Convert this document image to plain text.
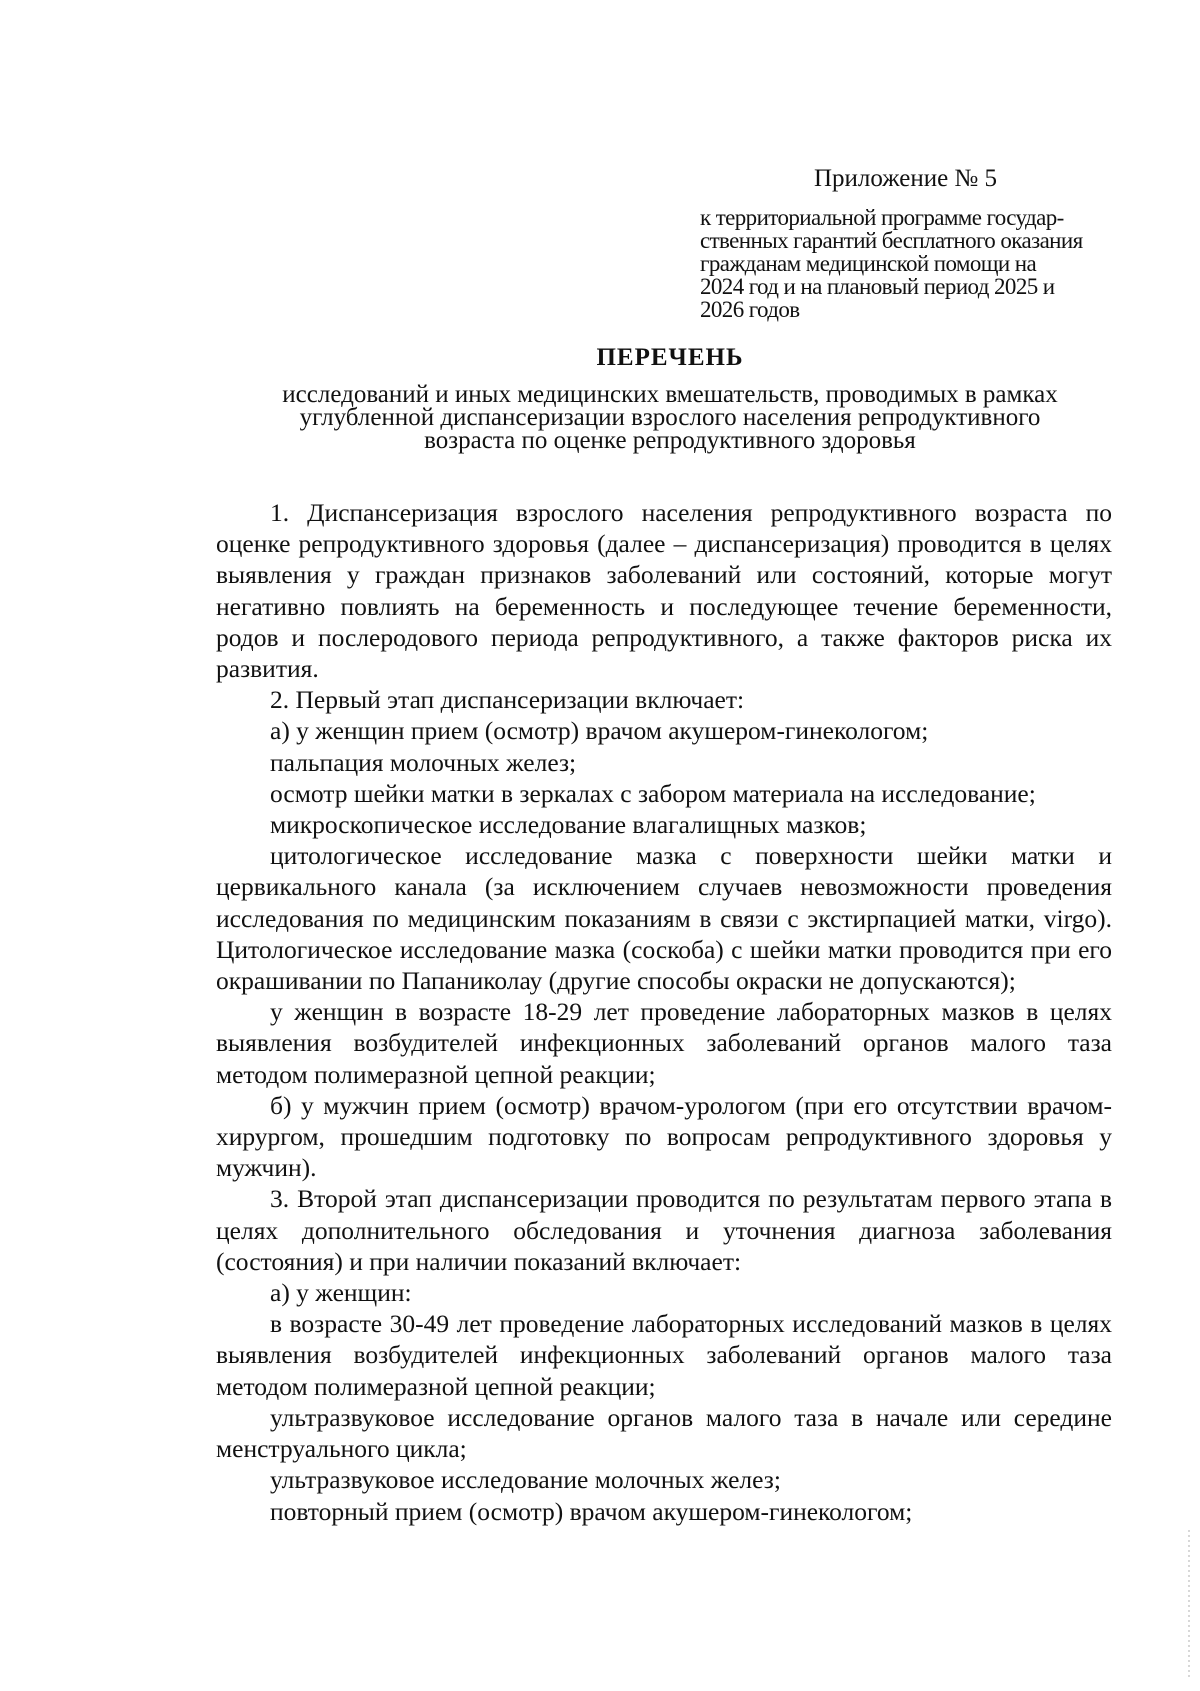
Приложение № 5
к территориальной программе государ-
ственных гарантий бесплатного оказания
гражданам медицинской помощи на
2024 год и на плановый период 2025 и
2026 годов
ПЕРЕЧЕНЬ
исследований и иных медицинских вмешательств, проводимых в рамках
углубленной диспансеризации взрослого населения репродуктивного
возраста по оценке репродуктивного здоровья

1. Диспансеризация взрослого населения репродуктивного возраста по оценке репродуктивного здоровья (далее – диспансеризация) проводится в целях выявления у граждан признаков заболеваний или состояний, которые могут негативно повлиять на беременность и последующее течение беременности, родов и послеродового периода репродуктивного, а также факторов риска их развития.

2. Первый этап диспансеризации включает:

а) у женщин прием (осмотр) врачом акушером-гинекологом;

пальпация молочных желез;

осмотр шейки матки в зеркалах с забором материала на исследование;

микроскопическое исследование влагалищных мазков;

цитологическое исследование мазка с поверхности шейки матки и цервикального канала (за исключением случаев невозможности проведения исследования по медицинским показаниям в связи с экстирпацией матки, virgo). Цитологическое исследование мазка (соскоба) с шейки матки проводится при его окрашивании по Папаниколау (другие способы окраски не допускаются);

у женщин в возрасте 18-29 лет проведение лабораторных мазков в целях выявления возбудителей инфекционных заболеваний органов малого таза методом полимеразной цепной реакции;

б) у мужчин прием (осмотр) врачом-урологом (при его отсутствии врачом-хирургом, прошедшим подготовку по вопросам репродуктивного здоровья у мужчин).

3. Второй этап диспансеризации проводится по результатам первого этапа в целях дополнительного обследования и уточнения диагноза заболевания (состояния) и при наличии показаний включает:

а) у женщин:

в возрасте 30-49 лет проведение лабораторных исследований мазков в целях выявления возбудителей инфекционных заболеваний органов малого таза методом полимеразной цепной реакции;

ультразвуковое исследование органов малого таза в начале или середине менструального цикла;

ультразвуковое исследование молочных желез;

повторный прием (осмотр) врачом акушером-гинекологом;
